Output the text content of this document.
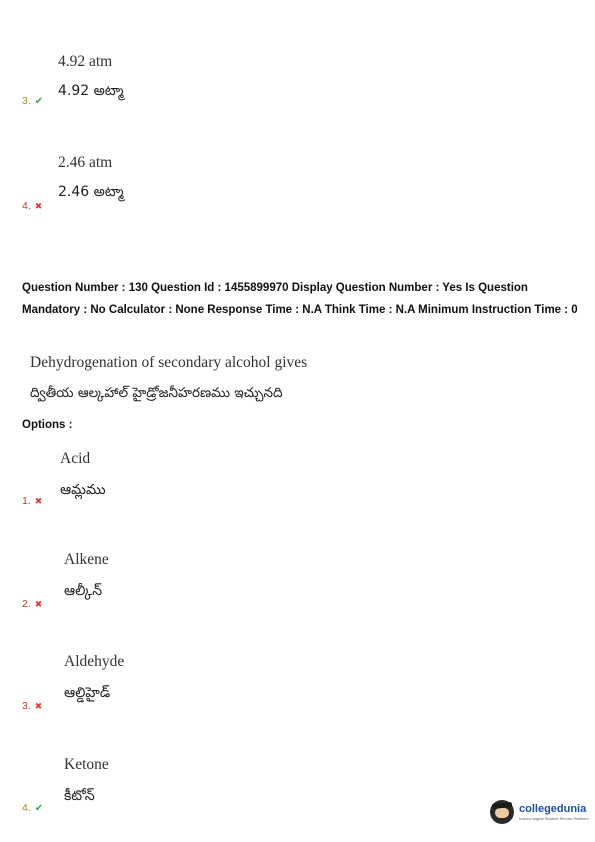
4.92 atm
4.92 అట్మా
3. ✔
2.46 atm
2.46 అట్మా
4. ✖
Question Number : 130 Question Id : 1455899970 Display Question Number : Yes Is Question Mandatory : No Calculator : None Response Time : N.A Think Time : N.A Minimum Instruction Time : 0
Dehydrogenation of secondary alcohol gives
ద్వితీయ ఆల్కహాల్ హైడ్రోజనీహరణము ఇచ్చునది
Options :
Acid
ఆమ్లము
1. ✖
Alkene
ఆల్కీన్
2. ✖
Aldehyde
ఆల్డిహైడ్
3. ✖
Ketone
కీటోన్
4. ✔	collegedunia
India's largest Student Review Platform
